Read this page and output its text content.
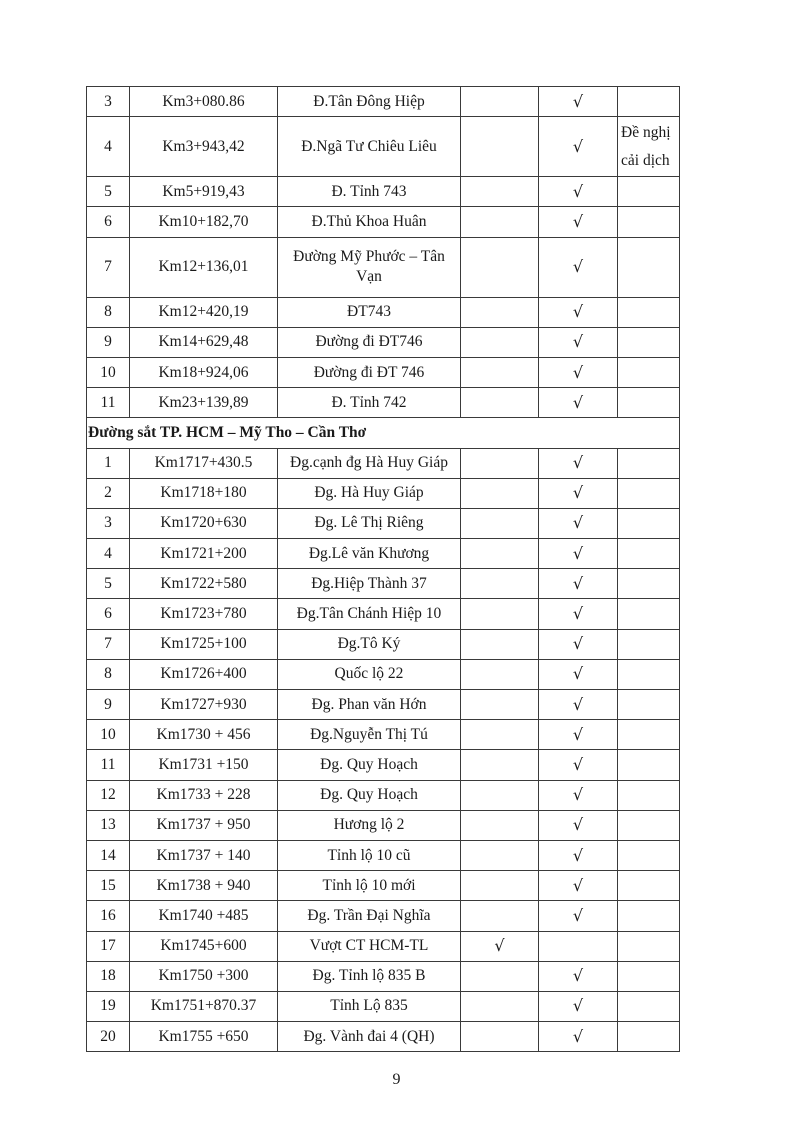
3	Km3+080.86	Đ.Tân Đông Hiệp		√	
4	Km3+943,42	Đ.Ngã Tư Chiêu Liêu		√	Đề nghị cải dịch
5	Km5+919,43	Đ. Tỉnh 743		√	
6	Km10+182,70	Đ.Thủ Khoa Huân		√	
7	Km12+136,01	Đường Mỹ Phước – Tân Vạn		√	
8	Km12+420,19	ĐT743		√	
9	Km14+629,48	Đường đi ĐT746		√	
10	Km18+924,06	Đường đi ĐT 746		√	
11	Km23+139,89	Đ. Tỉnh 742		√	
Đường sắt TP. HCM – Mỹ Tho – Cần Thơ					
1	Km1717+430.5	Đg.cạnh đg Hà Huy Giáp		√	
2	Km1718+180	Đg. Hà Huy Giáp		√	
3	Km1720+630	Đg. Lê Thị Riêng		√	
4	Km1721+200	Đg.Lê văn Khương		√	
5	Km1722+580	Đg.Hiệp Thành 37		√	
6	Km1723+780	Đg.Tân Chánh Hiệp 10		√	
7	Km1725+100	Đg.Tô Ký		√	
8	Km1726+400	Quốc lộ 22		√	
9	Km1727+930	Đg. Phan văn Hớn		√	
10	Km1730 + 456	Đg.Nguyễn Thị Tú		√	
11	Km1731 +150	Đg. Quy Hoạch		√	
12	Km1733 + 228	Đg. Quy Hoạch		√	
13	Km1737 + 950	Hương lộ 2		√	
14	Km1737 + 140	Tỉnh lộ 10 cũ		√	
15	Km1738 + 940	Tỉnh lộ 10 mới		√	
16	Km1740 +485	Đg. Trần Đại Nghĩa		√	
17	Km1745+600	Vượt CT HCM-TL	√		
18	Km1750 +300	Đg. Tỉnh lộ 835 B		√	
19	Km1751+870.37	Tỉnh Lộ 835		√	
20	Km1755 +650	Đg. Vành đai 4 (QH)		√	
9
